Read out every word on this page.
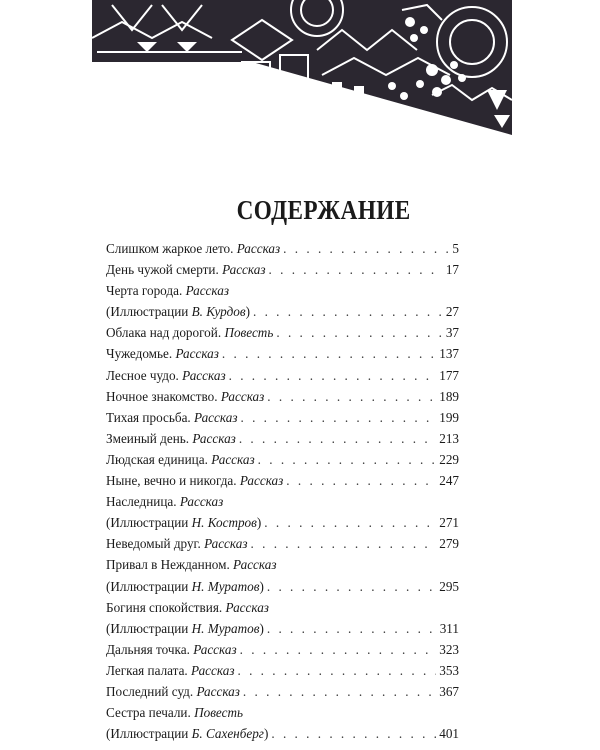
СОДЕРЖАНИЕ
Слишком жаркое лето.
Рассказ . . .	5
День чужой смерти.
Рассказ . . .	17
Черта города.
Рассказ
(Иллюстрации
В. Курдов ) . . .	27
Облака над дорогой.
Повесть . . .	37
Чужедомье.
Рассказ . . .	137
Лесное чудо.
Рассказ . . .	177
Ночное знакомство.
Рассказ . . .	189
Тихая просьба.
Рассказ . . .	199
Змеиный день.
Рассказ . . .	213
Людская единица.
Рассказ . . .	229
Ныне, вечно и никогда.
Рассказ . . .	247
Наследница.
Рассказ
(Иллюстрации
Н. Костров ) . . .	271
Неведомый друг.
Рассказ . . .	279
Привал в Нежданном.
Рассказ
(Иллюстрации
Н. Муратов ) . . .	295
Богиня спокойствия.
Рассказ
(Иллюстрации
Н. Муратов ) . . .	311
Дальняя точка.
Рассказ . . .	323
Легкая палата.
Рассказ . . .	353
Последний суд.
Рассказ . . .	367
Сестра печали.
Повесть
(Иллюстрации
Б. Сахенберг ) . . .	401
